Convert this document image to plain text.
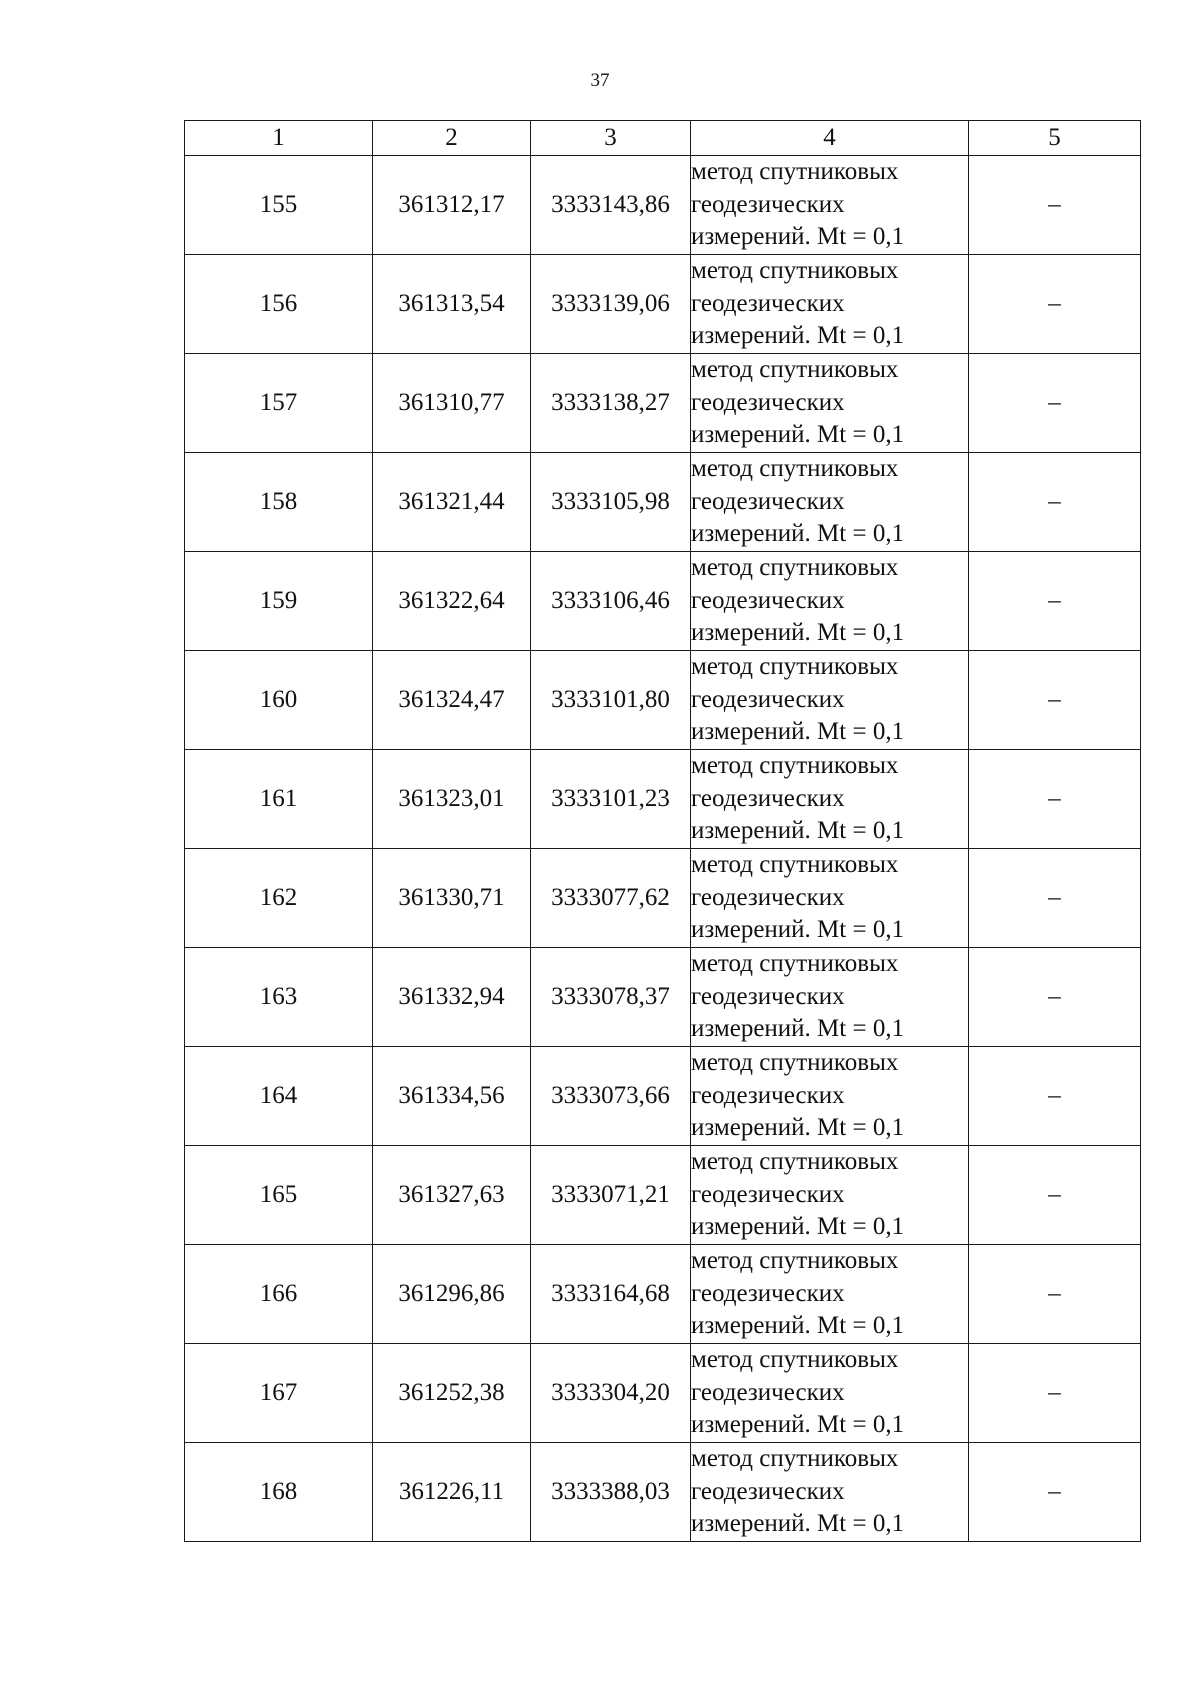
37
1	2	3	4	5
155	361312,17	3333143,86	метод спутниковых
геодезических
измерений. Mt = 0,1	–
156	361313,54	3333139,06	метод спутниковых
геодезических
измерений. Mt = 0,1	–
157	361310,77	3333138,27	метод спутниковых
геодезических
измерений. Mt = 0,1	–
158	361321,44	3333105,98	метод спутниковых
геодезических
измерений. Mt = 0,1	–
159	361322,64	3333106,46	метод спутниковых
геодезических
измерений. Mt = 0,1	–
160	361324,47	3333101,80	метод спутниковых
геодезических
измерений. Mt = 0,1	–
161	361323,01	3333101,23	метод спутниковых
геодезических
измерений. Mt = 0,1	–
162	361330,71	3333077,62	метод спутниковых
геодезических
измерений. Mt = 0,1	–
163	361332,94	3333078,37	метод спутниковых
геодезических
измерений. Mt = 0,1	–
164	361334,56	3333073,66	метод спутниковых
геодезических
измерений. Mt = 0,1	–
165	361327,63	3333071,21	метод спутниковых
геодезических
измерений. Mt = 0,1	–
166	361296,86	3333164,68	метод спутниковых
геодезических
измерений. Mt = 0,1	–
167	361252,38	3333304,20	метод спутниковых
геодезических
измерений. Mt = 0,1	–
168	361226,11	3333388,03	метод спутниковых
геодезических
измерений. Mt = 0,1	–
